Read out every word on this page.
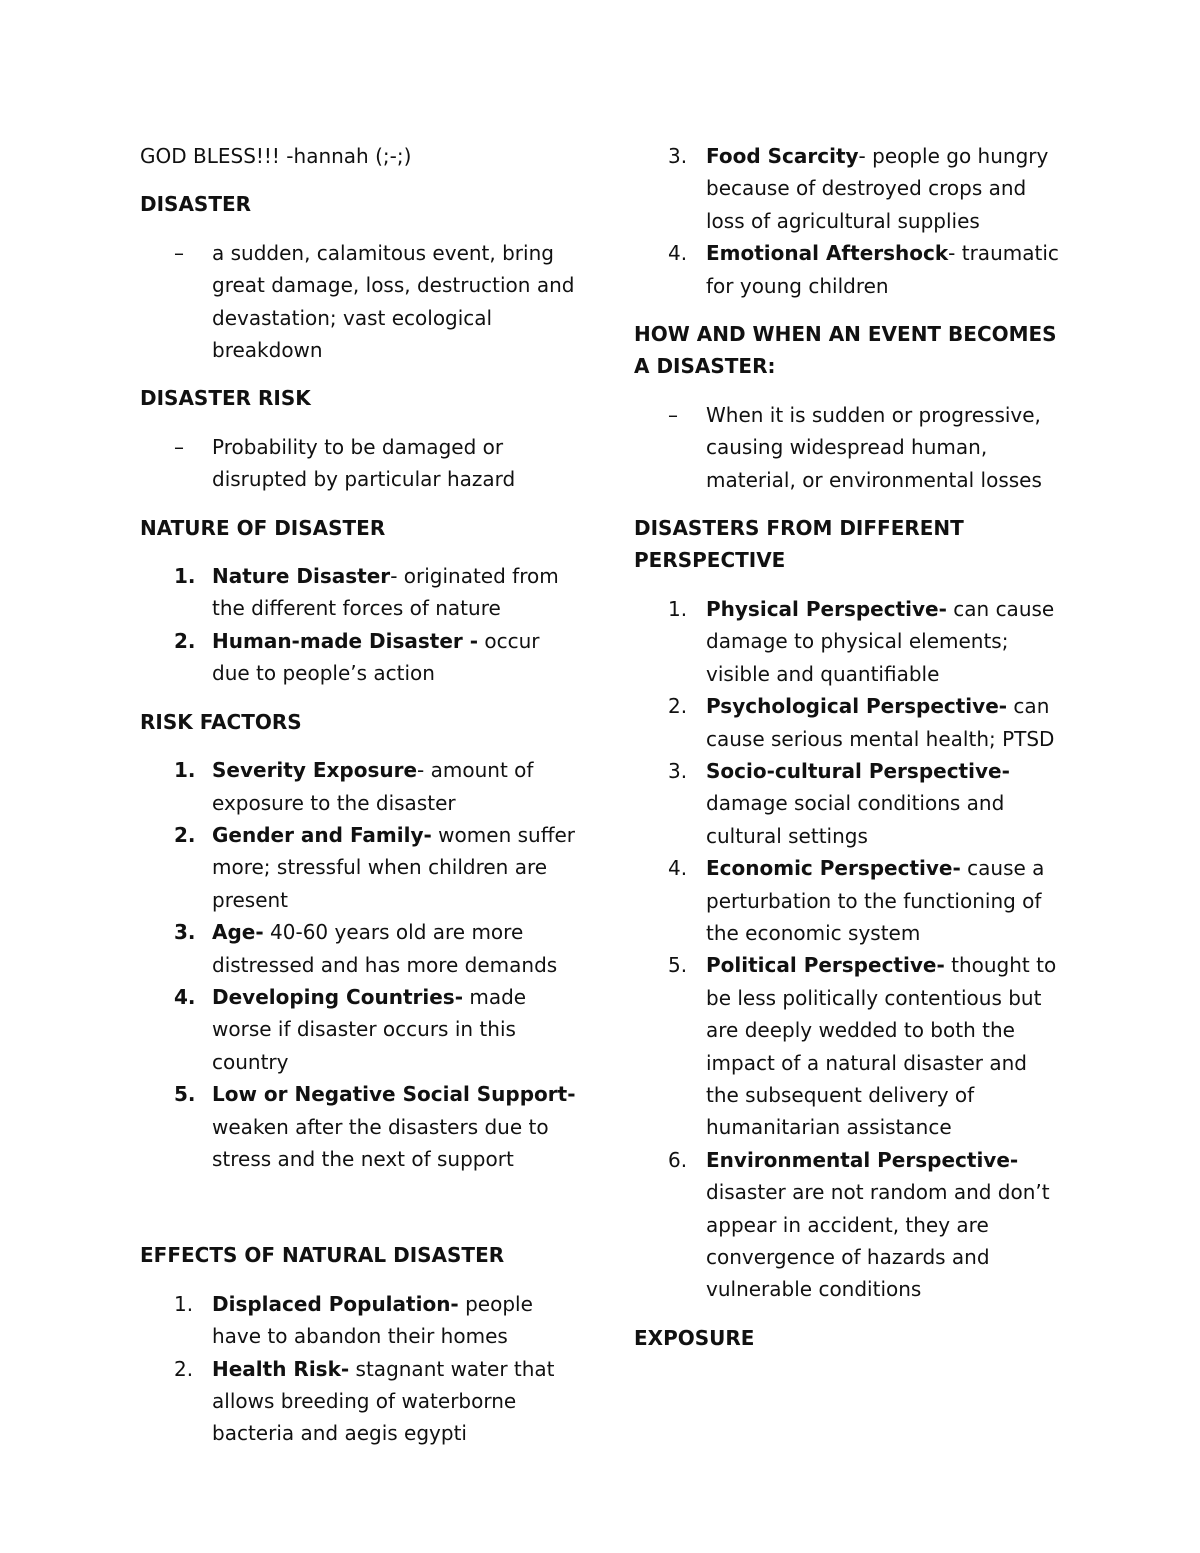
GOD BLESS!!! -hannah (;-;)
DISASTER
– a sudden, calamitous event, bring great damage, loss, destruction and devastation; vast ecological breakdown
DISASTER RISK
– Probability to be damaged or disrupted by particular hazard
NATURE OF DISASTER
1. Nature Disaster- originated from the different forces of nature
2. Human-made Disaster - occur due to people’s action
RISK FACTORS
1. Severity Exposure- amount of exposure to the disaster
2. Gender and Family- women suffer more; stressful when children are present
3. Age- 40-60 years old are more distressed and has more demands
4. Developing Countries- made worse if disaster occurs in this country
5. Low or Negative Social Support- weaken after the disasters due to stress and the next of support
EFFECTS OF NATURAL DISASTER
1. Displaced Population- people have to abandon their homes
2. Health Risk- stagnant water that allows breeding of waterborne bacteria and aegis egypti
3. Food Scarcity- people go hungry because of destroyed crops and loss of agricultural supplies
4. Emotional Aftershock- traumatic for young children
HOW AND WHEN AN EVENT BECOMES A DISASTER:
– When it is sudden or progressive, causing widespread human, material, or environmental losses
DISASTERS FROM DIFFERENT PERSPECTIVE
1. Physical Perspective- can cause damage to physical elements; visible and quantifiable
2. Psychological Perspective- can cause serious mental health; PTSD
3. Socio-cultural Perspective- damage social conditions and cultural settings
4. Economic Perspective- cause a perturbation to the functioning of the economic system
5. Political Perspective- thought to be less politically contentious but are deeply wedded to both the impact of a natural disaster and the subsequent delivery of humanitarian assistance
6. Environmental Perspective- disaster are not random and don’t appear in accident, they are convergence of hazards and vulnerable conditions
EXPOSURE
